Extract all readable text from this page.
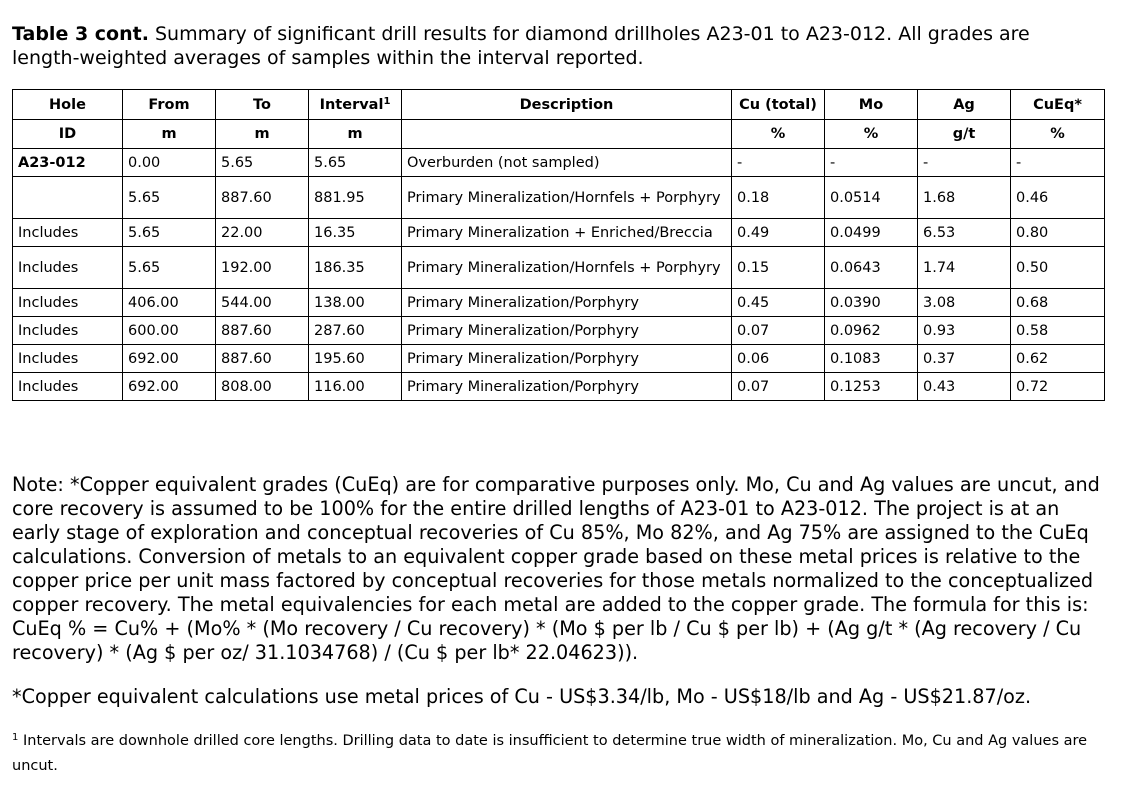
Table 3 cont. Summary of significant drill results for diamond drillholes A23-01 to A23-012. All grades are length-weighted averages of samples within the interval reported.
Hole	From	To	Interval$^1$	Description	Cu (total)	Mo	Ag	CuEq*
ID	m	m	m		%	%	g/t	%
A23-012	0.00	5.65	5.65	Overburden (not sampled)	-	-	-	-
	5.65	887.60	881.95	Primary Mineralization/Hornfels + Porphyry	0.18	0.0514	1.68	0.46
Includes	5.65	22.00	16.35	Primary Mineralization + Enriched/Breccia	0.49	0.0499	6.53	0.80
Includes	5.65	192.00	186.35	Primary Mineralization/Hornfels + Porphyry	0.15	0.0643	1.74	0.50
Includes	406.00	544.00	138.00	Primary Mineralization/Porphyry	0.45	0.0390	3.08	0.68
Includes	600.00	887.60	287.60	Primary Mineralization/Porphyry	0.07	0.0962	0.93	0.58
Includes	692.00	887.60	195.60	Primary Mineralization/Porphyry	0.06	0.1083	0.37	0.62
Includes	692.00	808.00	116.00	Primary Mineralization/Porphyry	0.07	0.1253	0.43	0.72

Note: *Copper equivalent grades (CuEq) are for comparative purposes only. Mo, Cu and Ag values are uncut, and core recovery is assumed to be 100% for the entire drilled lengths of A23-01 to A23-012. The project is at an early stage of exploration and conceptual recoveries of Cu 85%, Mo 82%, and Ag 75% are assigned to the CuEq calculations. Conversion of metals to an equivalent copper grade based on these metal prices is relative to the copper price per unit mass factored by conceptual recoveries for those metals normalized to the conceptualized copper recovery. The metal equivalencies for each metal are added to the copper grade. The formula for this is: CuEq % = Cu% + (Mo% * (Mo recovery / Cu recovery) * (Mo $ per lb / Cu $ per lb) + (Ag g/t * (Ag recovery / Cu recovery) * (Ag $ per oz/ 31.1034768) / (Cu $ per lb* 22.04623)).

*Copper equivalent calculations use metal prices of Cu - US$3.34/lb, Mo - US$18/lb and Ag - US$21.87/oz.

$^1$ Intervals are downhole drilled core lengths. Drilling data to date is insufficient to determine true width of mineralization. Mo, Cu and Ag values are uncut.
